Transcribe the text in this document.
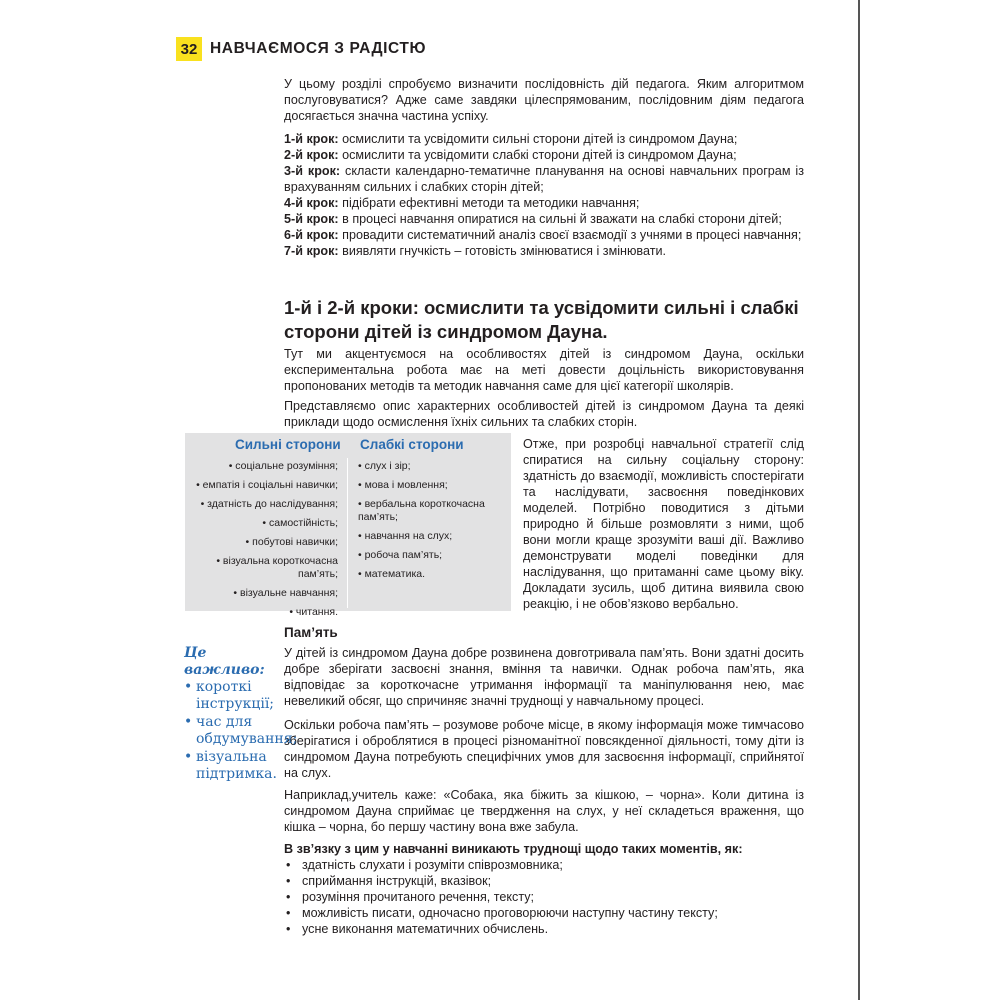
32 НАВЧАЄМОСЯ З РАДІСТЮ
У цьому розділі спробуємо визначити послідовність дій педагога. Яким алгоритмом послуговуватися? Адже саме завдяки цілеспрямованим, послідовним діям педагога досягається значна частина успіху.
1-й крок: осмислити та усвідомити сильні сторони дітей із синдромом Дауна;
2-й крок: осмислити та усвідомити слабкі сторони дітей із синдромом Дауна;
3-й крок: скласти календарно-тематичне планування на основі навчальних програм із врахуванням сильних і слабких сторін дітей;
4-й крок: підібрати ефективні методи та методики навчання;
5-й крок: в процесі навчання опиратися на сильні й зважати на слабкі сторони дітей;
6-й крок: провадити систематичний аналіз своєї взаємодії з учнями в процесі навчання;
7-й крок: виявляти гнучкість – готовість змінюватися і змінювати.
1-й і 2-й кроки: осмислити та усвідомити сильні і слабкі сторони дітей із синдромом Дауна.
Тут ми акцентуємося на особливостях дітей із синдромом Дауна, оскільки експериментальна робота має на меті довести доцільність використовування пропонованих методів та методик навчання саме для цієї категорії школярів.
Представляємо опис характерних особливостей дітей із синдромом Дауна та деякі приклади щодо осмислення їхніх сильних та слабких сторін.
Сильні сторони Слабкі сторони
• соціальне розуміння;
• емпатія і соціальні навички;
• здатність до наслідування;
• самостійність;
• побутові навички;
• візуальна короткочасна пам’ять;
• візуальне навчання;
• читання.
• слух і зір;
• мова і мовлення;
• вербальна короткочасна пам’ять;
• навчання на слух;
• робоча пам’ять;
• математика.
Отже, при розробці навчальної стратегії слід спиратися на сильну соціальну сторону: здатність до взаємодії, можливість спостерігати та наслідувати, засвоєння поведінкових моделей. Потрібно поводитися з дітьми природно й більше розмовляти з ними, щоб вони могли краще зрозуміти ваші дії. Важливо демонструвати моделі поведінки для наслідування, що притаманні саме цьому віку. Докладати зусиль, щоб дитина виявила свою реакцію, і не обов’язково вербально.
Пам’ять
У дітей із синдромом Дауна добре розвинена довготривала пам’ять. Вони здатні досить добре зберігати засвоєні знання, вміння та навички. Однак робоча пам’ять, яка відповідає за короткочасне утримання інформації та маніпулювання нею, має невеликий обсяг, що спричиняє значні труднощі у навчальному процесі.
Оскільки робоча пам’ять – розумове робоче місце, в якому інформація може тимчасово зберігатися і оброблятися в процесі різноманітної повсякденної діяльності, тому діти із синдромом Дауна потребують специфічних умов для засвоєння інформації, сприйнятої на слух.
Наприклад,учитель каже: «Собака, яка біжить за кішкою, – чорна». Коли дитина із синдромом Дауна сприймає це твердження на слух, у неї складеться враження, що кішка – чорна, бо першу частину вона вже забула.
В зв’язку з цим у навчанні виникають труднощі щодо таких моментів, як:
• здатність слухати і розуміти співрозмовника;
• сприймання інструкцій, вказівок;
• розуміння прочитаного речення, тексту;
• можливість писати, одночасно проговорюючи наступну частину тексту;
• усне виконання математичних обчислень.
Це
важливо:
• короткі інструкції;
• час для обдумування;
• візуальна підтримка.
